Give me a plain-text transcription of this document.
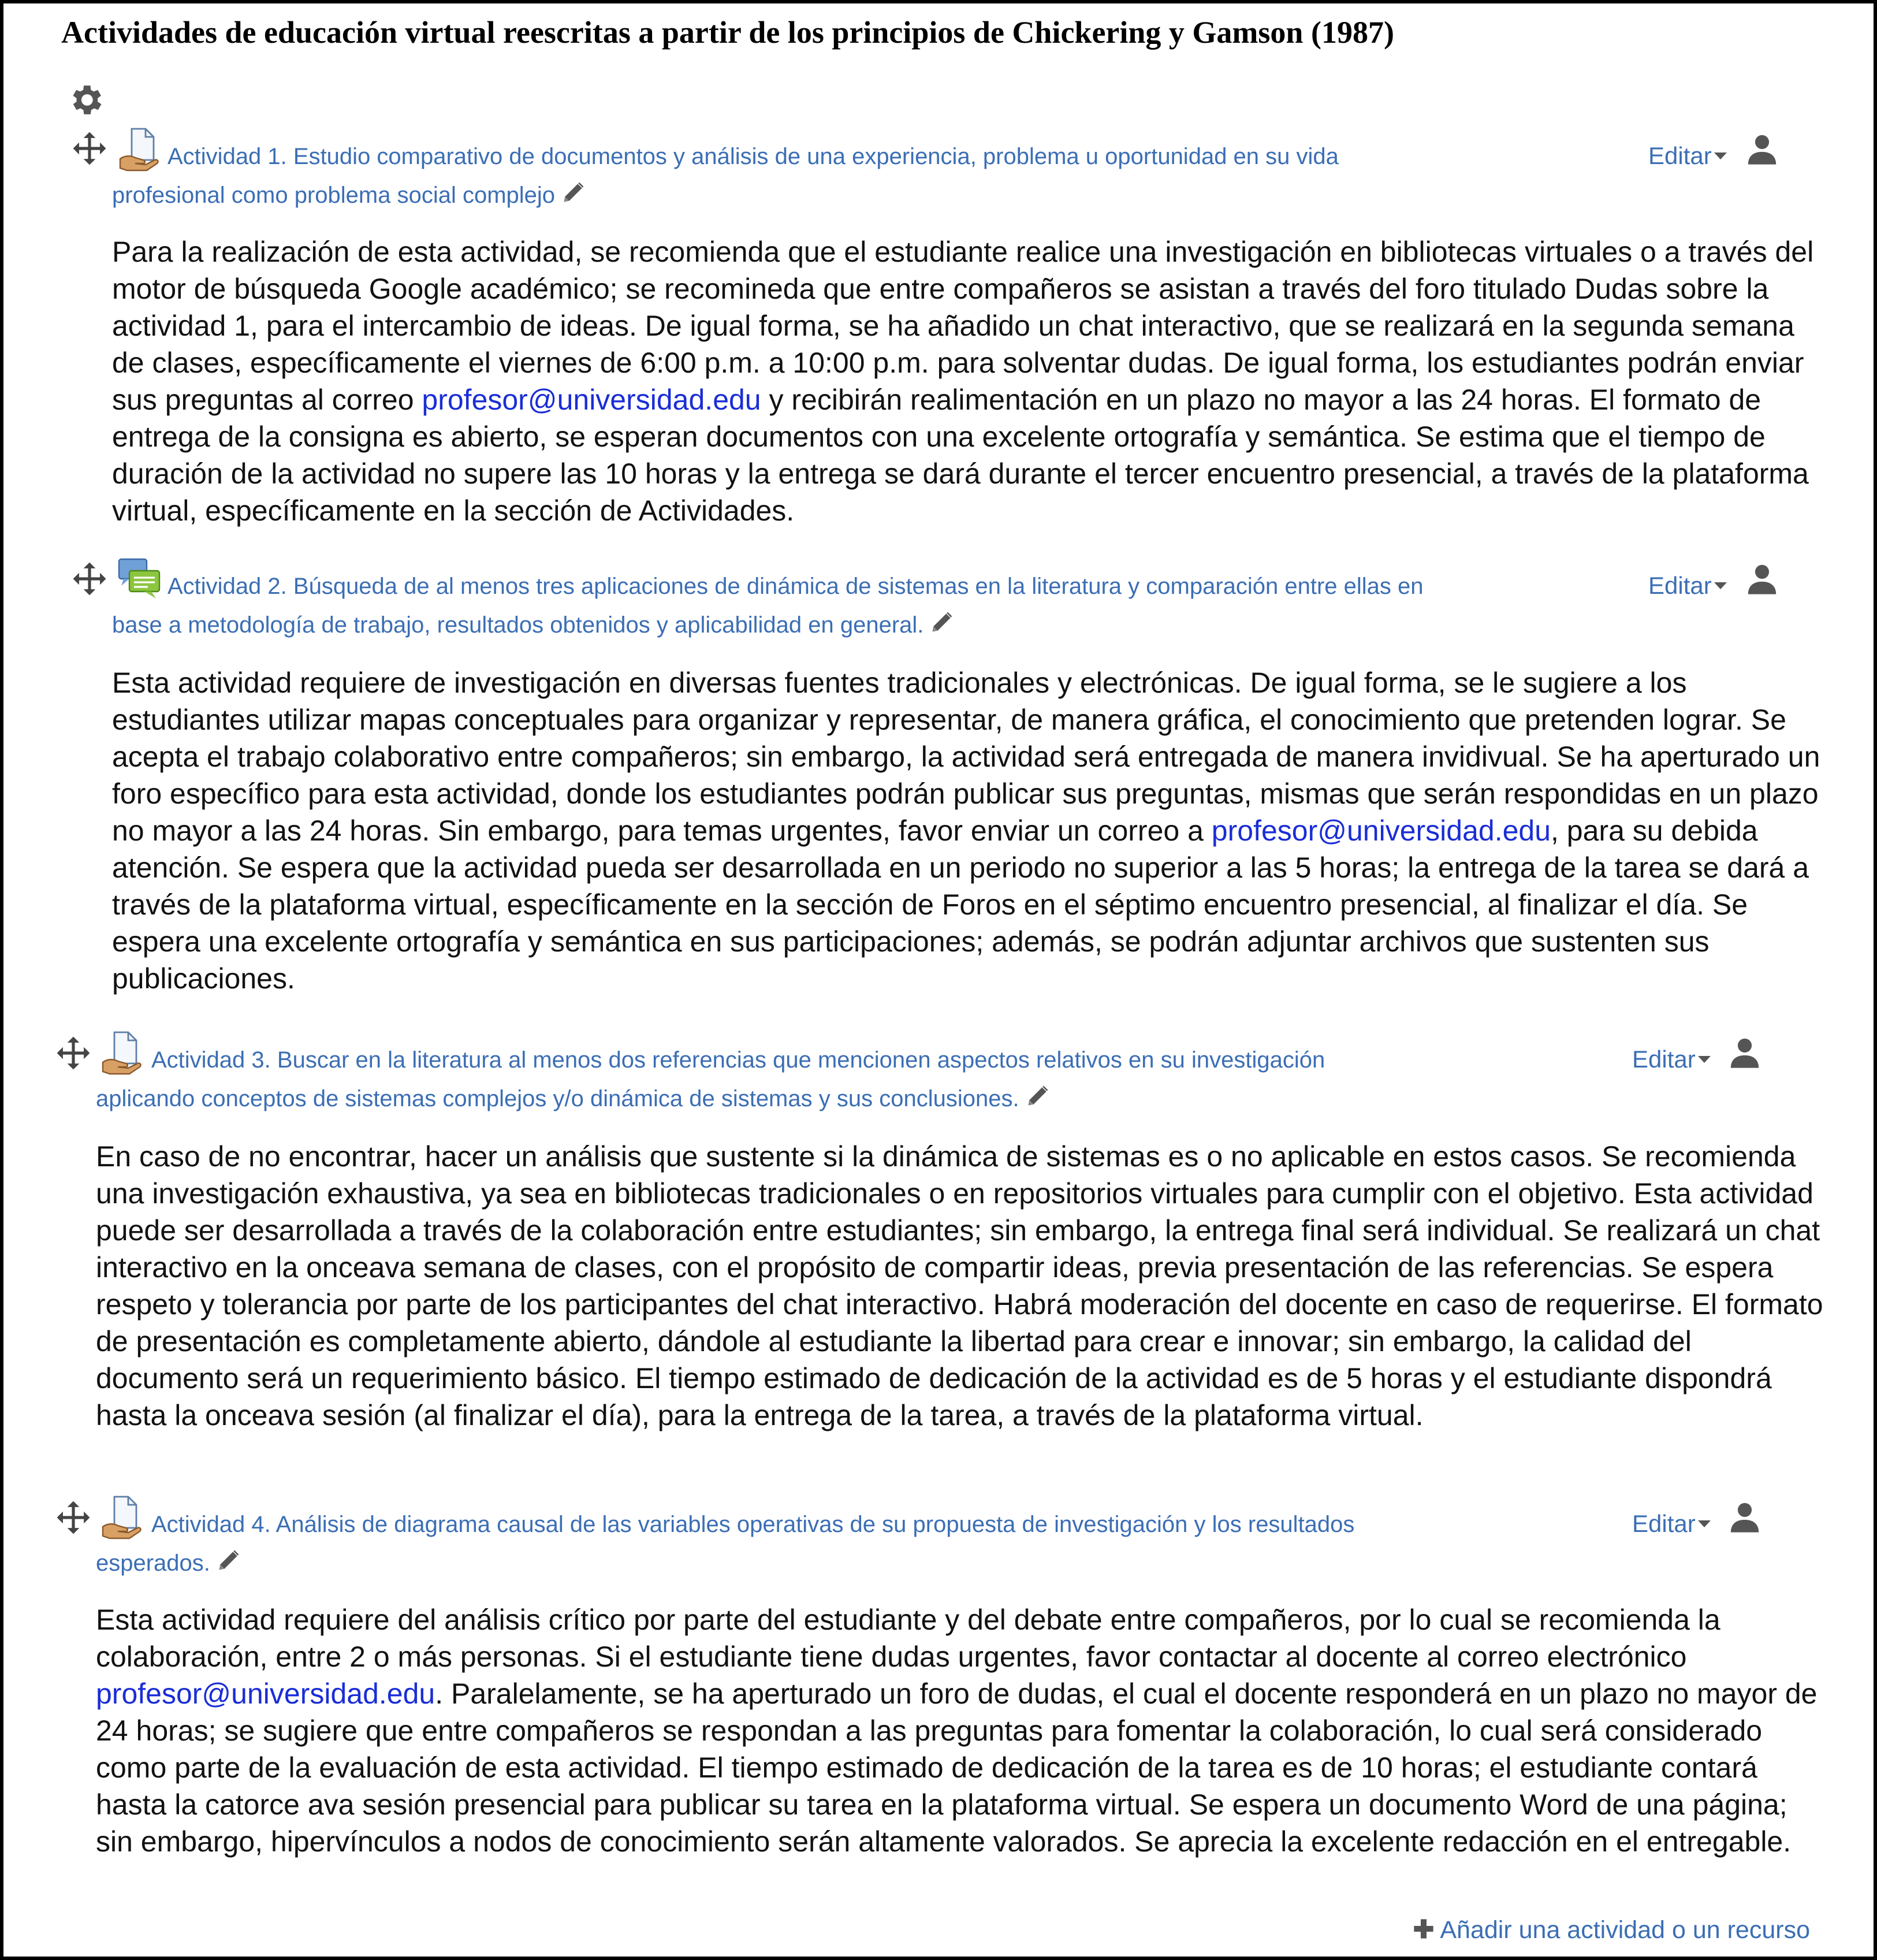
Actividades de educación virtual reescritas a partir de los principios de Chickering y Gamson (1987)
Actividad 1. Estudio comparativo de documentos y análisis de una experiencia, problema u oportunidad en su vida profesional como problema social complejo
Editar
Para la realización de esta actividad, se recomienda que el estudiante realice una investigación en bibliotecas virtuales o a través del motor de búsqueda Google académico; se recomineda que entre compañeros se asistan a través del foro titulado Dudas sobre la actividad 1, para el intercambio de ideas. De igual forma, se ha añadido un chat interactivo, que se realizará en la segunda semana de clases, específicamente el viernes de 6:00 p.m. a 10:00 p.m. para solventar dudas. De igual forma, los estudiantes podrán enviar sus preguntas al correo profesor@universidad.edu y recibirán realimentación en un plazo no mayor a las 24 horas. El formato de entrega de la consigna es abierto, se esperan documentos con una excelente ortografía y semántica. Se estima que el tiempo de duración de la actividad no supere las 10 horas y la entrega se dará durante el tercer encuentro presencial, a través de la plataforma virtual, específicamente en la sección de Actividades.
Actividad 2. Búsqueda de al menos tres aplicaciones de dinámica de sistemas en la literatura y comparación entre ellas en base a metodología de trabajo, resultados obtenidos y aplicabilidad en general.
Editar
Esta actividad requiere de investigación en diversas fuentes tradicionales y electrónicas. De igual forma, se le sugiere a los estudiantes utilizar mapas conceptuales para organizar y representar, de manera gráfica, el conocimiento que pretenden lograr. Se acepta el trabajo colaborativo entre compañeros; sin embargo, la actividad será entregada de manera invidivual. Se ha aperturado un foro específico para esta actividad, donde los estudiantes podrán publicar sus preguntas, mismas que serán respondidas en un plazo no mayor a las 24 horas. Sin embargo, para temas urgentes, favor enviar un correo a profesor@universidad.edu, para su debida atención. Se espera que la actividad pueda ser desarrollada en un periodo no superior a las 5 horas; la entrega de la tarea se dará a través de la plataforma virtual, específicamente en la sección de Foros en el séptimo encuentro presencial, al finalizar el día. Se espera una excelente ortografía y semántica en sus participaciones; además, se podrán adjuntar archivos que sustenten sus publicaciones.
Actividad 3. Buscar en la literatura al menos dos referencias que mencionen aspectos relativos en su investigación aplicando conceptos de sistemas complejos y/o dinámica de sistemas y sus conclusiones.
Editar
En caso de no encontrar, hacer un análisis que sustente si la dinámica de sistemas es o no aplicable en estos casos. Se recomienda una investigación exhaustiva, ya sea en bibliotecas tradicionales o en repositorios virtuales para cumplir con el objetivo. Esta actividad puede ser desarrollada a través de la colaboración entre estudiantes; sin embargo, la entrega final será individual. Se realizará un chat interactivo en la onceava semana de clases, con el propósito de compartir ideas, previa presentación de las referencias. Se espera respeto y tolerancia por parte de los participantes del chat interactivo. Habrá moderación del docente en caso de requerirse. El formato de presentación es completamente abierto, dándole al estudiante la libertad para crear e innovar; sin embargo, la calidad del documento será un requerimiento básico. El tiempo estimado de dedicación de la actividad es de 5 horas y el estudiante dispondrá hasta la onceava sesión (al finalizar el día), para la entrega de la tarea, a través de la plataforma virtual.
Actividad 4. Análisis de diagrama causal de las variables operativas de su propuesta de investigación y los resultados esperados.
Editar
Esta actividad requiere del análisis crítico por parte del estudiante y del debate entre compañeros, por lo cual se recomienda la colaboración, entre 2 o más personas. Si el estudiante tiene dudas urgentes, favor contactar al docente al correo electrónico profesor@universidad.edu. Paralelamente, se ha aperturado un foro de dudas, el cual el docente responderá en un plazo no mayor de 24 horas; se sugiere que entre compañeros se respondan a las preguntas para fomentar la colaboración, lo cual será considerado como parte de la evaluación de esta actividad. El tiempo estimado de dedicación de la tarea es de 10 horas; el estudiante contará hasta la catorce ava sesión presencial para publicar su tarea en la plataforma virtual. Se espera un documento Word de una página; sin embargo, hipervínculos a nodos de conocimiento serán altamente valorados. Se aprecia la excelente redacción en el entregable.
Añadir una actividad o un recurso
